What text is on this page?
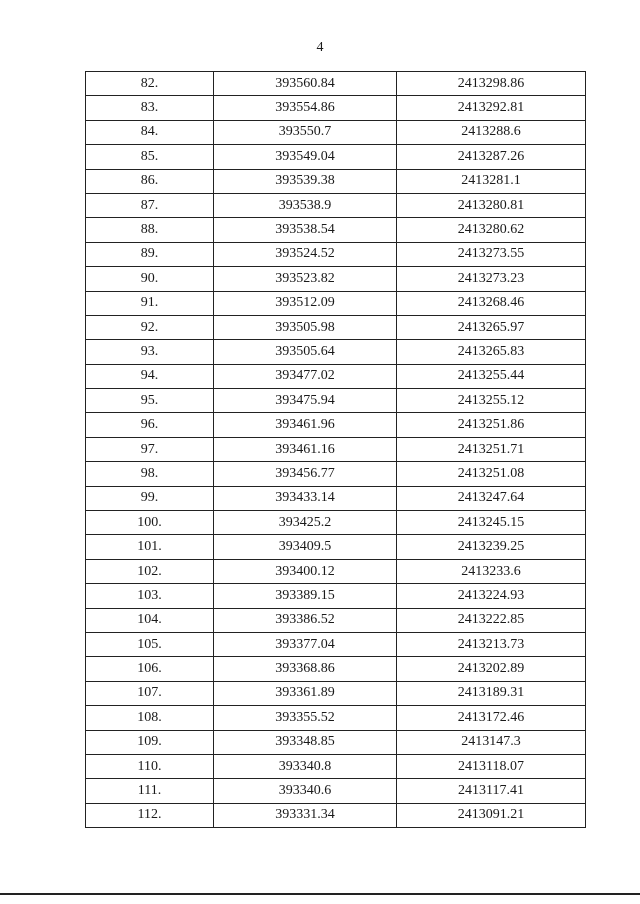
4
82.	393560.84	2413298.86
83.	393554.86	2413292.81
84.	393550.7	2413288.6
85.	393549.04	2413287.26
86.	393539.38	2413281.1
87.	393538.9	2413280.81
88.	393538.54	2413280.62
89.	393524.52	2413273.55
90.	393523.82	2413273.23
91.	393512.09	2413268.46
92.	393505.98	2413265.97
93.	393505.64	2413265.83
94.	393477.02	2413255.44
95.	393475.94	2413255.12
96.	393461.96	2413251.86
97.	393461.16	2413251.71
98.	393456.77	2413251.08
99.	393433.14	2413247.64
100.	393425.2	2413245.15
101.	393409.5	2413239.25
102.	393400.12	2413233.6
103.	393389.15	2413224.93
104.	393386.52	2413222.85
105.	393377.04	2413213.73
106.	393368.86	2413202.89
107.	393361.89	2413189.31
108.	393355.52	2413172.46
109.	393348.85	2413147.3
110.	393340.8	2413118.07
111.	393340.6	2413117.41
112.	393331.34	2413091.21
